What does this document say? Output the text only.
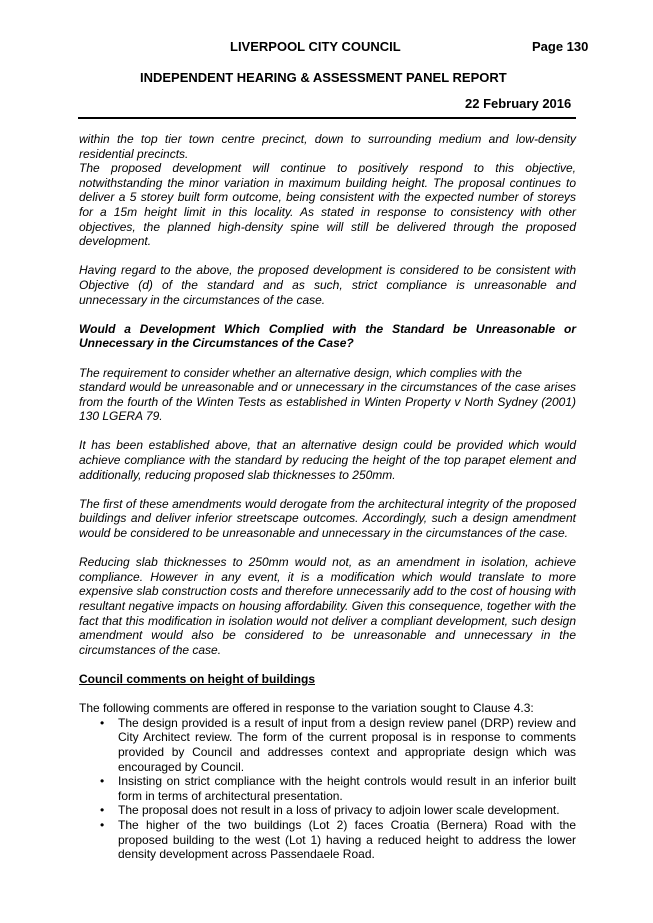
LIVERPOOL CITY COUNCIL	Page 130
INDEPENDENT HEARING & ASSESSMENT PANEL REPORT
22 February 2016

within the top tier town centre precinct, down to surrounding medium and low-density residential precincts.

The proposed development will continue to positively respond to this objective, notwithstanding the minor variation in maximum building height. The proposal continues to deliver a 5 storey built form outcome, being consistent with the expected number of storeys for a 15m height limit in this locality. As stated in response to consistency with other objectives, the planned high-density spine will still be delivered through the proposed development.

Having regard to the above, the proposed development is considered to be consistent with Objective (d) of the standard and as such, strict compliance is unreasonable and unnecessary in the circumstances of the case.

Would a Development Which Complied with the Standard be Unreasonable or Unnecessary in the Circumstances of the Case?

The requirement to consider whether an alternative design, which complies with the

standard would be unreasonable and or unnecessary in the circumstances of the case arises from the fourth of the Winten Tests as established in Winten Property v North Sydney (2001) 130 LGERA 79.

It has been established above, that an alternative design could be provided which would achieve compliance with the standard by reducing the height of the top parapet element and additionally, reducing proposed slab thicknesses to 250mm.

The first of these amendments would derogate from the architectural integrity of the proposed buildings and deliver inferior streetscape outcomes. Accordingly, such a design amendment would be considered to be unreasonable and unnecessary in the circumstances of the case.

Reducing slab thicknesses to 250mm would not, as an amendment in isolation, achieve compliance. However in any event, it is a modification which would translate to more expensive slab construction costs and therefore unnecessarily add to the cost of housing with resultant negative impacts on housing affordability. Given this consequence, together with the fact that this modification in isolation would not deliver a compliant development, such design amendment would also be considered to be unreasonable and unnecessary in the circumstances of the case.

Council comments on height of buildings

The following comments are offered in response to the variation sought to Clause 4.3:

• The design provided is a result of input from a design review panel (DRP) review and City Architect review. The form of the current proposal is in response to comments provided by Council and addresses context and appropriate design which was encouraged by Council.
• Insisting on strict compliance with the height controls would result in an inferior built form in terms of architectural presentation.
• The proposal does not result in a loss of privacy to adjoin lower scale development.
• The higher of the two buildings (Lot 2) faces Croatia (Bernera) Road with the proposed building to the west (Lot 1) having a reduced height to address the lower density development across Passendaele Road.
